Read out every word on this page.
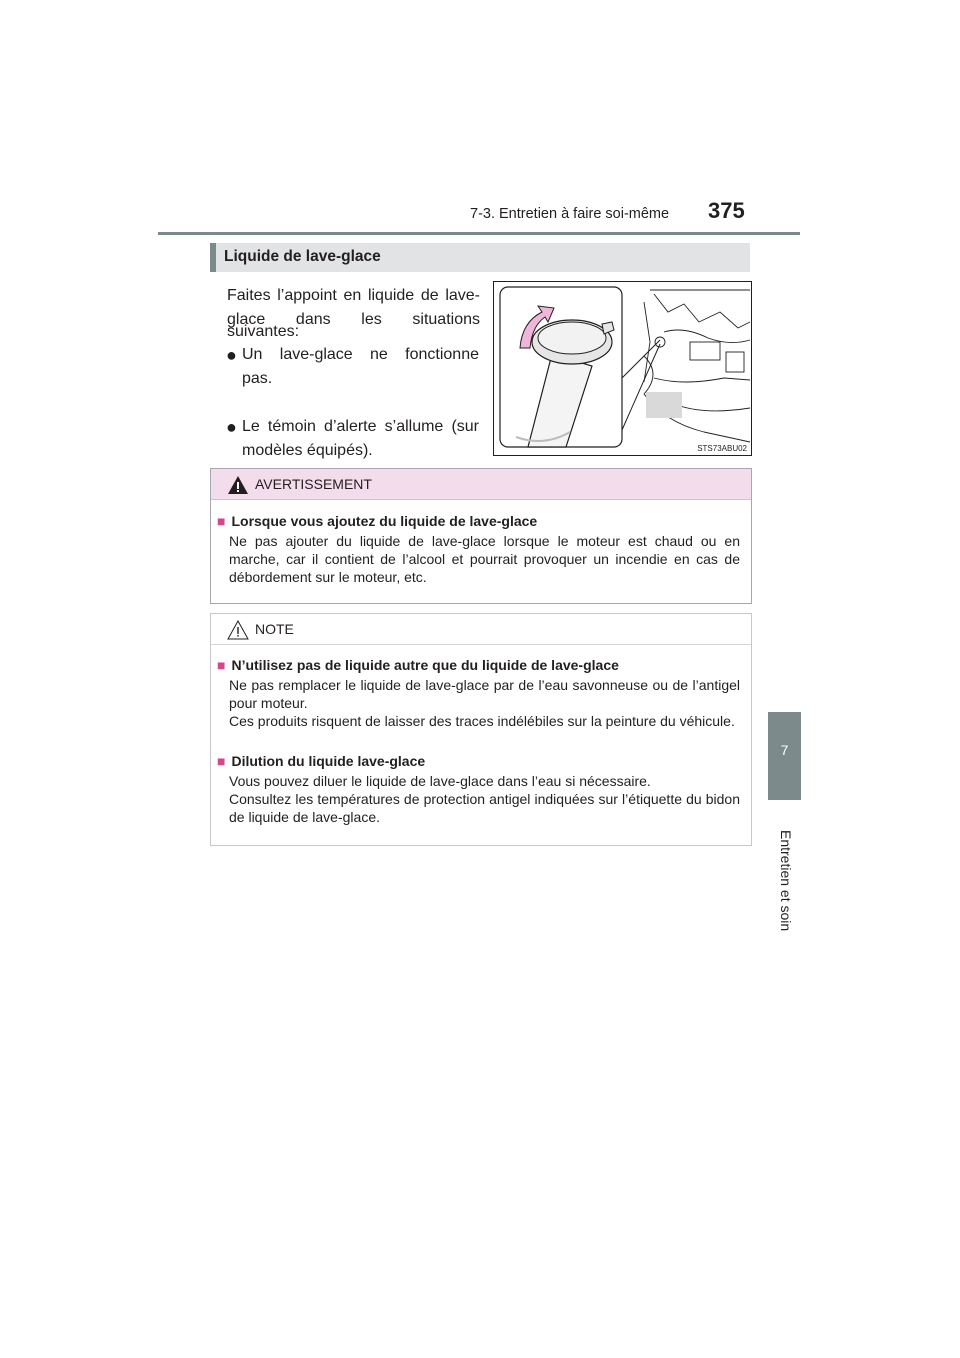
7-3. Entretien à faire soi-même 375
7
Entretien et soin
Liquide de lave-glace
Faites l’appoint en liquide de lave-
glace dans les situations
suivantes:
● Un lave-glace ne fonctionne
pas.
● Le témoin d’alerte s’allume (sur
modèles équipés).	STS73ABU02
AVERTISSEMENT
■ Lorsque vous ajoutez du liquide de lave-glace
Ne pas ajouter du liquide de lave-glace lorsque le moteur est chaud ou en marche, car il contient de l’alcool et pourrait provoquer un incendie en cas de débordement sur le moteur, etc.
NOTE
■ N’utilisez pas de liquide autre que du liquide de lave-glace
Ne pas remplacer le liquide de lave-glace par de l’eau savonneuse ou de l’antigel pour moteur.
Ces produits risquent de laisser des traces indélébiles sur la peinture du véhicule.
■ Dilution du liquide lave-glace
Vous pouvez diluer le liquide de lave-glace dans l’eau si nécessaire.
Consultez les températures de protection antigel indiquées sur l’étiquette du bidon de liquide de lave-glace.
